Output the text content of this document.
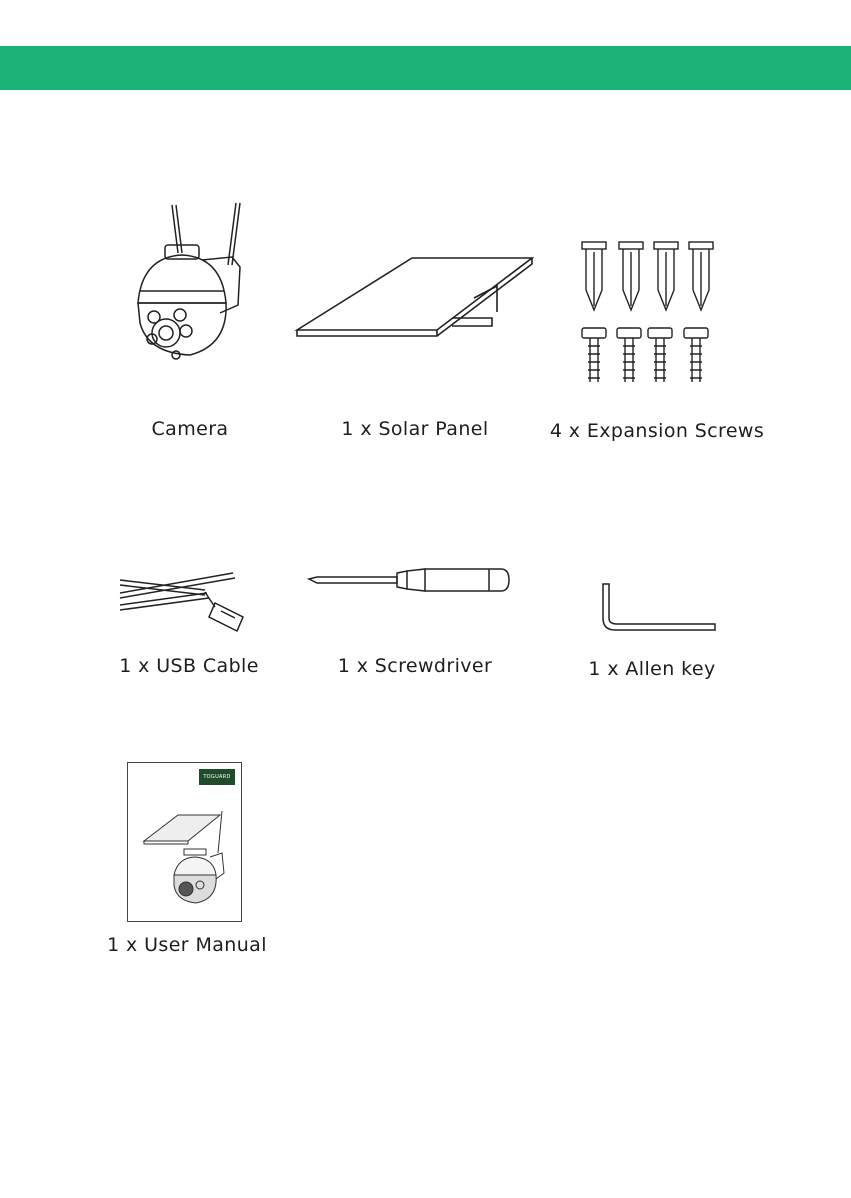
Camera	1 x Solar Panel	4 x Expansion Screws
1 x USB Cable	1 x Screwdriver	1 x Allen key
TOGUARD
1 x User Manual
